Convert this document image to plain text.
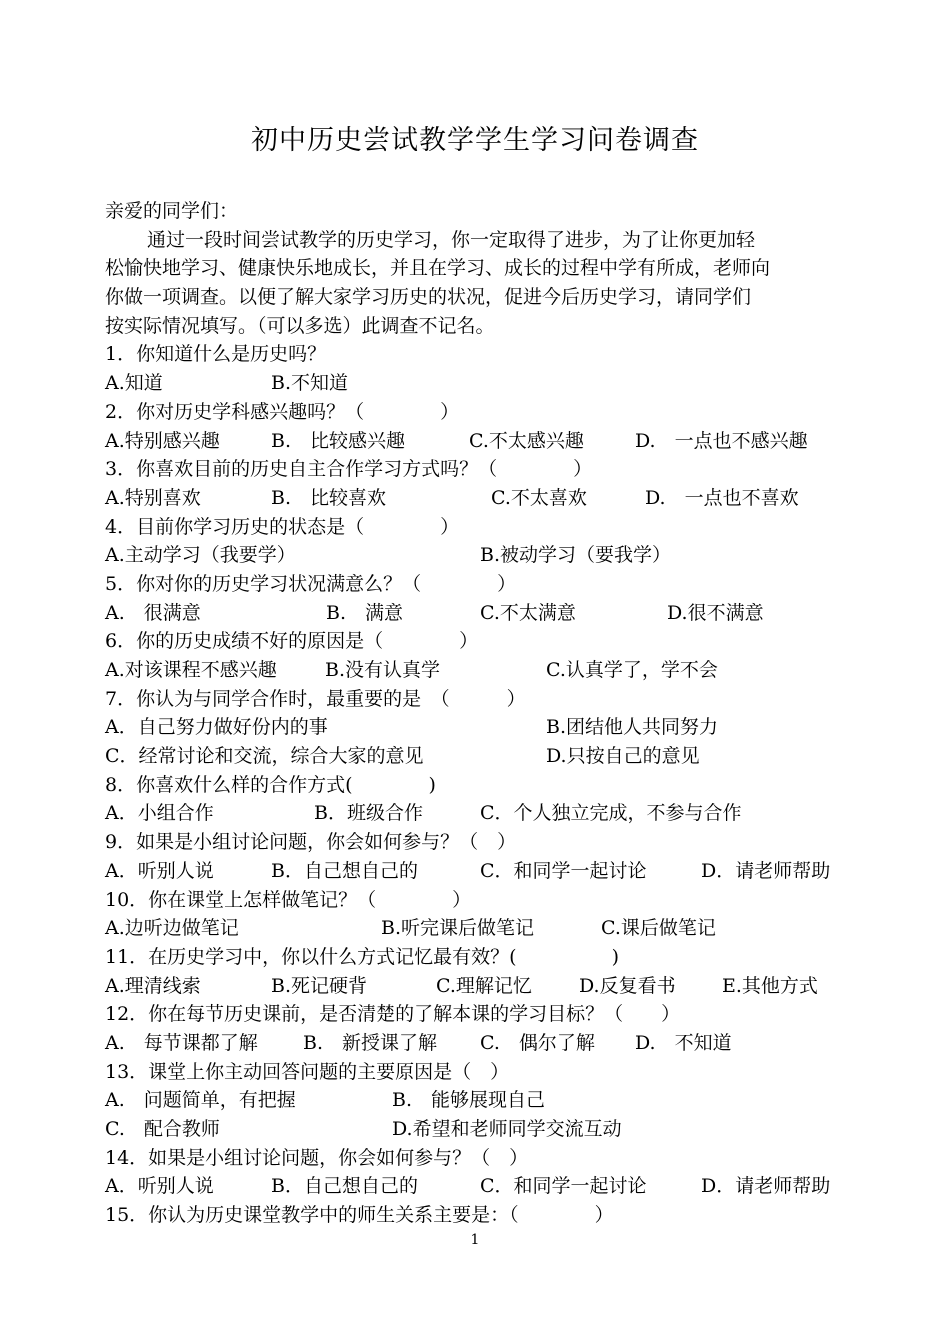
初中历史尝试教学学生学习问卷调查
亲爱的同学们：
通过一段时间尝试教学的历史学习，你一定取得了进步，为了让你更加轻
松愉快地学习、健康快乐地成长，并且在学习、成长的过程中学有所成，老师向
你做一项调查。以便了解大家学习历史的状况，促进今后历史学习，请同学们
按实际情况填写。（可以多选）此调查不记名。
1．你知道什么是历史吗？
A.知道	B.不知道
2．你对历史学科感兴趣吗？（　　　　）
A.特别感兴趣	B.　比较感兴趣	C.不太感兴趣	D.　一点也不感兴趣
3．你喜欢目前的历史自主合作学习方式吗？（　　　　）
A.特别喜欢	B.　比较喜欢	C.不太喜欢	D.　一点也不喜欢
4．目前你学习历史的状态是（　　　　）
A.主动学习（我要学）	B.被动学习（要我学）
5．你对你的历史学习状况满意么？（　　　　）
A.　很满意	B.　满意	C.不太满意	D.很不满意
6．你的历史成绩不好的原因是（　　　　）
A.对该课程不感兴趣	B.没有认真学	C.认真学了，学不会
7．你认为与同学合作时，最重要的是　（　　　）
A．自己努力做好份内的事	B.团结他人共同努力
C．经常讨论和交流，综合大家的意见	D.只按自己的意见
8．你喜欢什么样的合作方式(　　　　)
A．小组合作	B．班级合作	C．个人独立完成，不参与合作
9．如果是小组讨论问题，你会如何参与？（　）
A．听别人说	B．自己想自己的	C．和同学一起讨论	D．请老师帮助
10．你在课堂上怎样做笔记？（　　　　）
A.边听边做笔记	B.听完课后做笔记	C.课后做笔记
11．在历史学习中，你以什么方式记忆最有效？(　　　　　)
A.理清线索	B.死记硬背	C.理解记忆 D.反复看书 E.其他方式
12．你在每节历史课前，是否清楚的了解本课的学习目标？（　　）
A.　每节课都了解 B.　新授课了解 C.　偶尔了解 D.　不知道
13．课堂上你主动回答问题的主要原因是（　）
A.　问题简单，有把握	B.　能够展现自己
C.　配合教师	D.希望和老师同学交流互动
14．如果是小组讨论问题，你会如何参与？（　）
A．听别人说	B．自己想自己的	C．和同学一起讨论	D．请老师帮助
15．你认为历史课堂教学中的师生关系主要是：（　　　　）
1
